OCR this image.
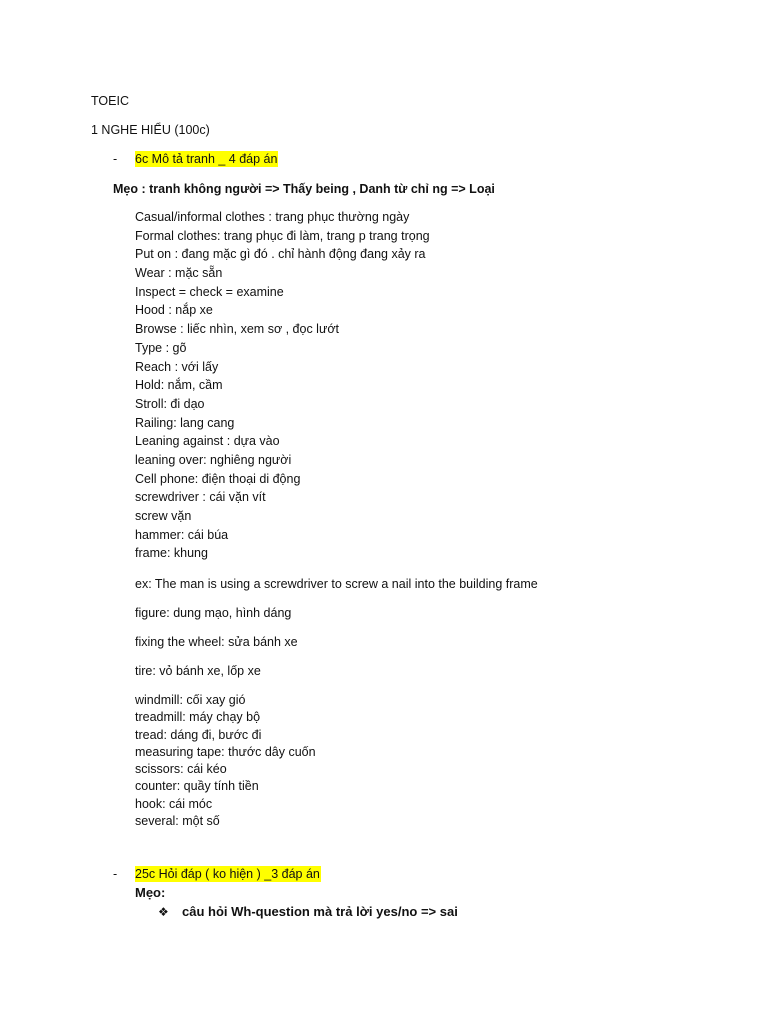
TOEIC
1 NGHE HIỂU (100c)
- 6c Mô tả tranh _ 4 đáp án
Mẹo : tranh không người => Thấy being , Danh từ chỉ ng => Loại
Casual/informal clothes : trang phục thường ngày
Formal clothes: trang phục đi làm, trang p trang trọng
Put on : đang mặc gì đó . chỉ hành động đang xảy ra
Wear : mặc sẵn
Inspect = check = examine
Hood : nắp xe
Browse : liếc nhìn, xem sơ , đọc lướt
Type : gõ
Reach : với lấy
Hold: nắm, cầm
Stroll: đi dạo
Railing: lang cang
Leaning against : dựa vào
leaning over: nghiêng người
Cell phone: điện thoại di động
screwdriver : cái vặn vít
screw vặn
hammer: cái búa
frame: khung
ex: The man is using a screwdriver to screw a nail into the building frame
figure: dung mạo, hình dáng
fixing the wheel: sửa bánh xe
tire: vỏ bánh xe, lốp xe
windmill: cối xay gió
treadmill: máy chạy bộ
tread: dáng đi, bước đi
measuring tape: thước dây cuốn
scissors: cái kéo
counter: quầy tính tiền
hook: cái móc
several: một số
- 25c Hỏi đáp ( ko hiện ) _3 đáp án
Mẹo:
❖ câu hỏi Wh-question mà trả lời yes/no => sai
